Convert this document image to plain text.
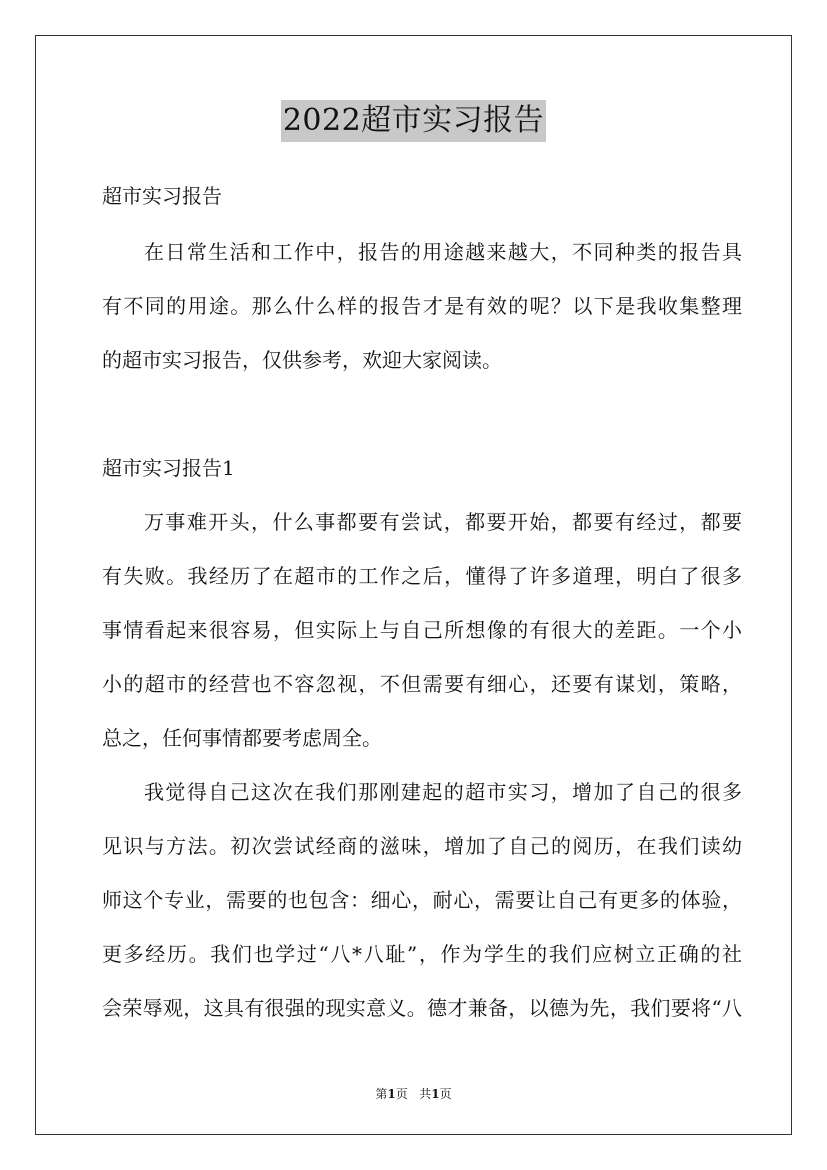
2022超市实习报告
超市实习报告
在日常生活和工作中，报告的用途越来越大，不同种类的报告具
有不同的用途。那么什么样的报告才是有效的呢？以下是我收集整理
的超市实习报告，仅供参考，欢迎大家阅读。
超市实习报告1
万事难开头，什么事都要有尝试，都要开始，都要有经过，都要
有失败。我经历了在超市的工作之后，懂得了许多道理，明白了很多
事情看起来很容易，但实际上与自己所想像的有很大的差距。一个小
小的超市的经营也不容忽视，不但需要有细心，还要有谋划，策略，
总之，任何事情都要考虑周全。
我觉得自己这次在我们那刚建起的超市实习，增加了自己的很多
见识与方法。初次尝试经商的滋味，增加了自己的阅历，在我们读幼
师这个专业，需要的也包含：细心，耐心，需要让自己有更多的体验，
更多经历。我们也学过“八*八耻”，作为学生的我们应树立正确的社
会荣辱观，这具有很强的现实意义。德才兼备，以德为先，我们要将“八
第1页 共1页
